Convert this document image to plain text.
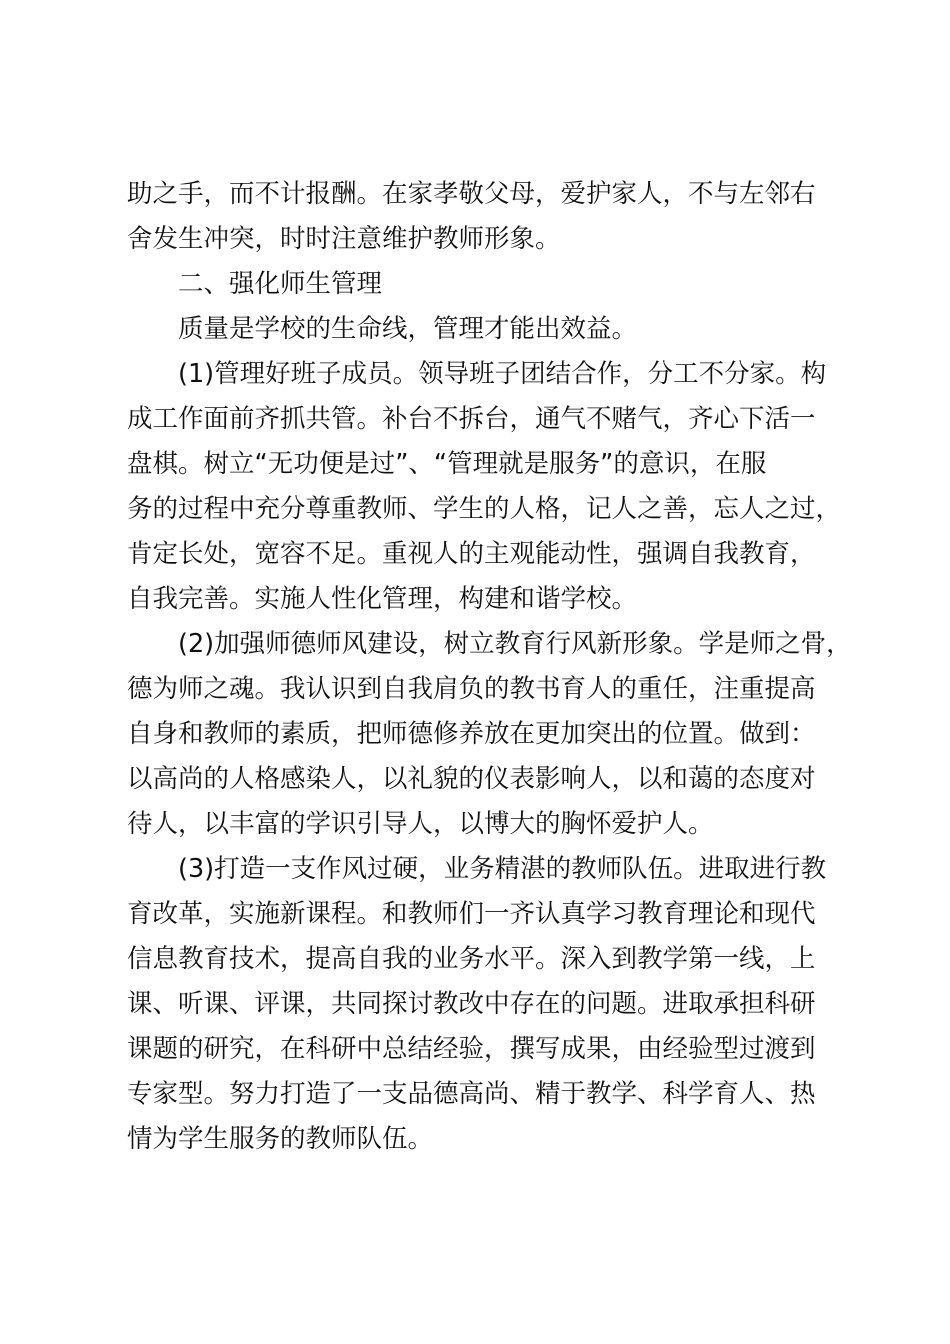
助之手，而不计报酬。在家孝敬父母，爱护家人，不与左邻右
舍发生冲突，时时注意维护教师形象。
二、强化师生管理
质量是学校的生命线，管理才能出效益。
(1)管理好班子成员。领导班子团结合作，分工不分家。构
成工作面前齐抓共管。补台不拆台，通气不赌气，齐心下活一
盘棋。树立“无功便是过”、“管理就是服务”的意识，在服
务的过程中充分尊重教师、学生的人格，记人之善，忘人之过，
肯定长处，宽容不足。重视人的主观能动性，强调自我教育，
自我完善。实施人性化管理，构建和谐学校。
(2)加强师德师风建设，树立教育行风新形象。学是师之骨，
德为师之魂。我认识到自我肩负的教书育人的重任，注重提高
自身和教师的素质，把师德修养放在更加突出的位置。做到：
以高尚的人格感染人，以礼貌的仪表影响人，以和蔼的态度对
待人，以丰富的学识引导人，以博大的胸怀爱护人。
(3)打造一支作风过硬，业务精湛的教师队伍。进取进行教
育改革，实施新课程。和教师们一齐认真学习教育理论和现代
信息教育技术，提高自我的业务水平。深入到教学第一线，上
课、听课、评课，共同探讨教改中存在的问题。进取承担科研
课题的研究，在科研中总结经验，撰写成果，由经验型过渡到
专家型。努力打造了一支品德高尚、精于教学、科学育人、热
情为学生服务的教师队伍。
